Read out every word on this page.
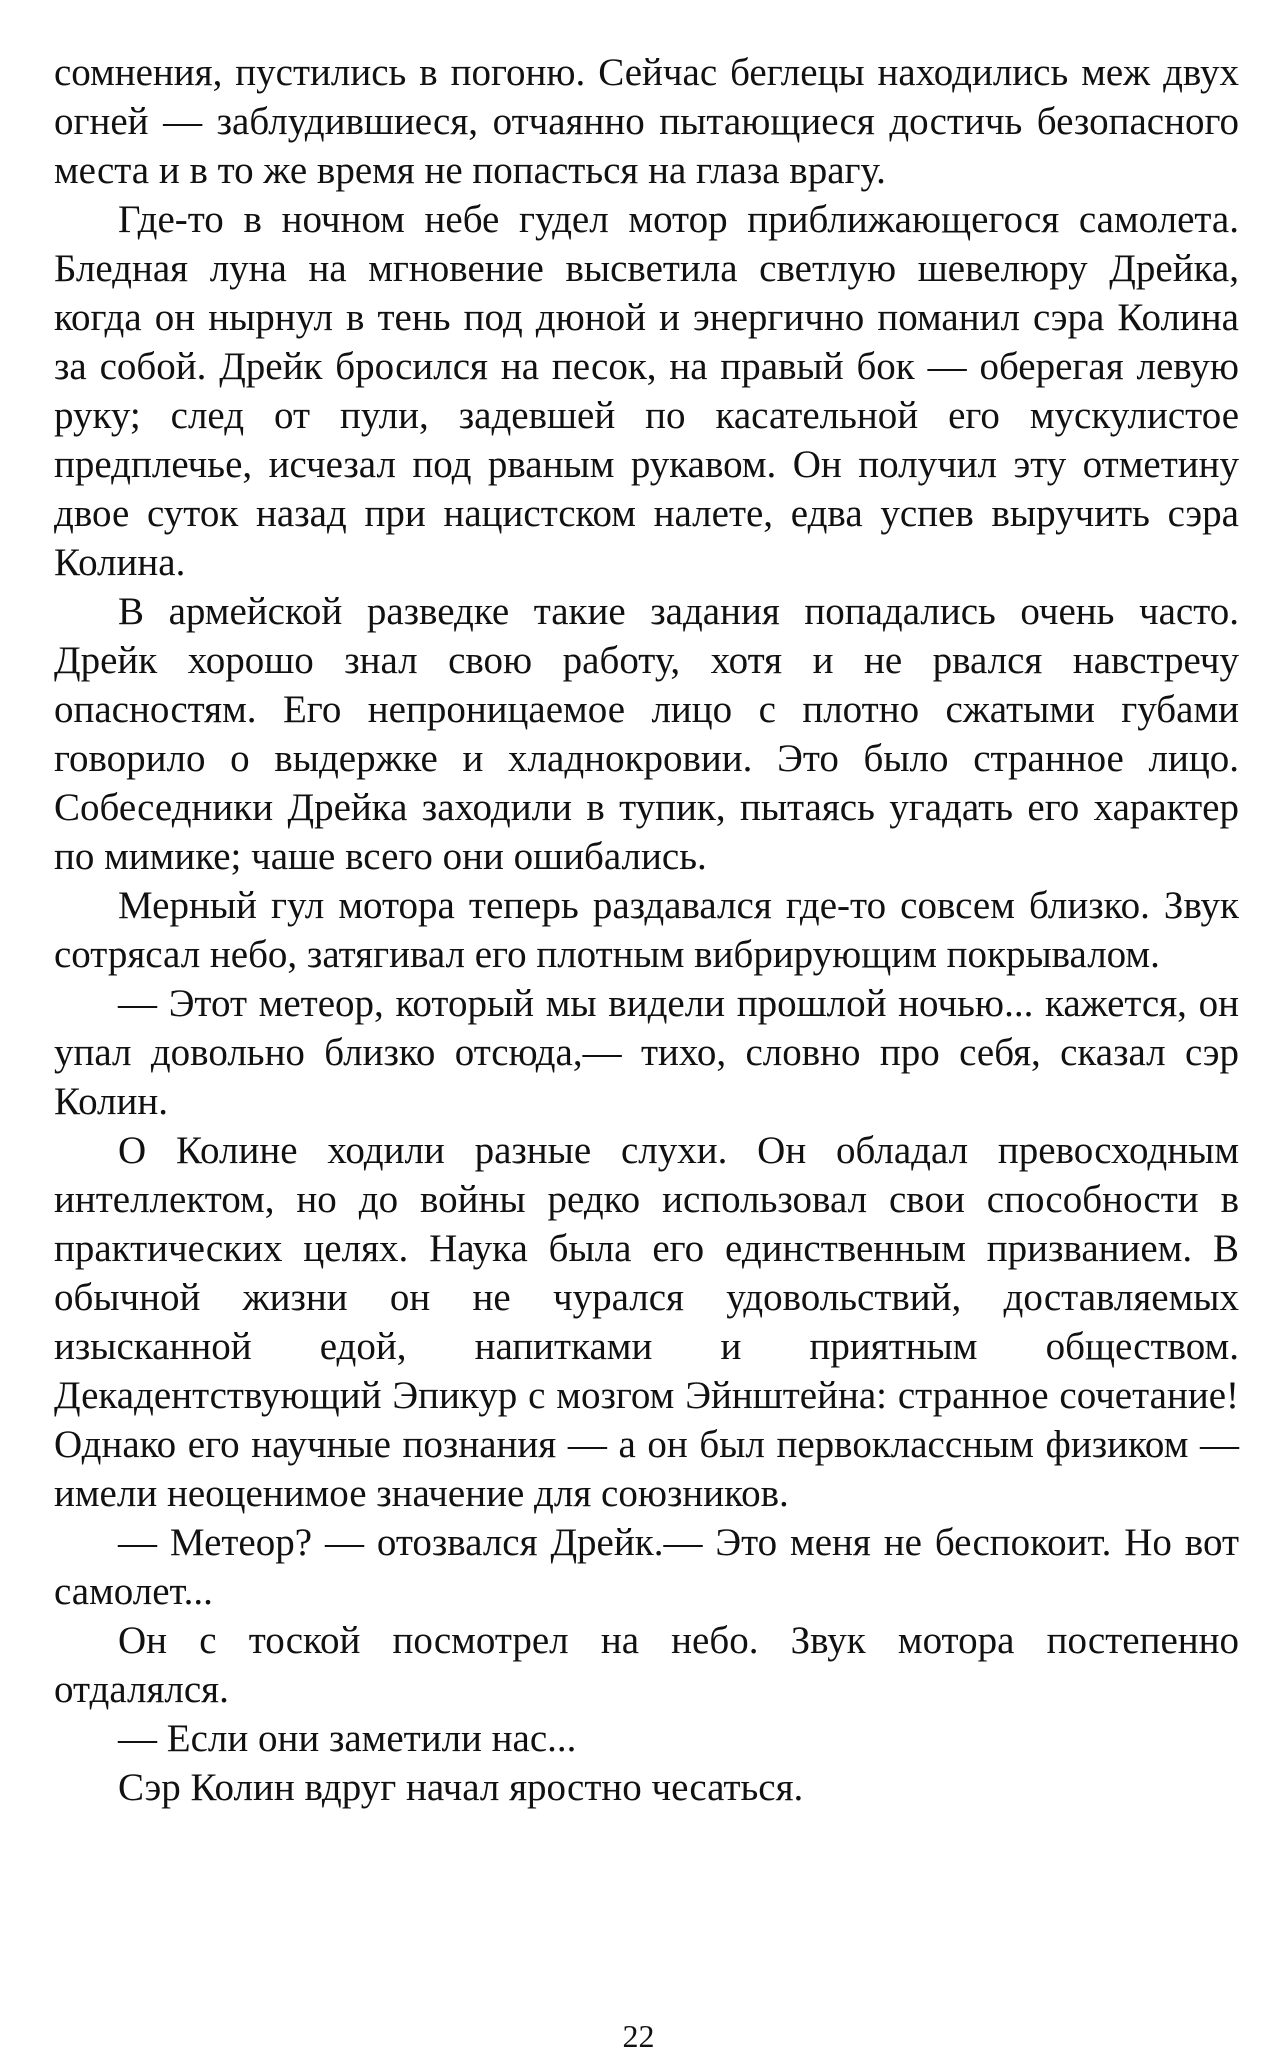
сомнения, пустились в погоню. Сейчас беглецы находились меж двух огней — заблудившиеся, отчаянно пытающиеся достичь безопасного места и в то же время не попасться на глаза врагу.

Где-то в ночном небе гудел мотор приближающегося самолета. Бледная луна на мгновение высветила светлую шевелюру Дрейка, когда он нырнул в тень под дюной и энергично поманил сэра Колина за собой. Дрейк бросился на песок, на правый бок — оберегая левую руку; след от пули, задевшей по касательной его мускулистое предплечье, исчезал под рваным рукавом. Он получил эту отметину двое суток назад при нацистском налете, едва успев выручить сэра Колина.

В армейской разведке такие задания попадались очень часто. Дрейк хорошо знал свою работу, хотя и не рвался навстречу опасностям. Его непроницаемое лицо с плотно сжатыми губами говорило о выдержке и хладнокровии. Это было странное лицо. Собеседники Дрейка заходили в тупик, пытаясь угадать его характер по мимике; чаше всего они ошибались.

Мерный гул мотора теперь раздавался где-то совсем близко. Звук сотрясал небо, затягивал его плотным вибрирующим покрывалом.

— Этот метеор, который мы видели прошлой ночью... кажется, он упал довольно близко отсюда,— тихо, словно про себя, сказал сэр Колин.

О Колине ходили разные слухи. Он обладал превосходным интеллектом, но до войны редко использовал свои способности в практических целях. Наука была его единственным призванием. В обычной жизни он не чурался удовольствий, доставляемых изысканной едой, напитками и приятным обществом. Декадентствующий Эпикур с мозгом Эйнштейна: странное сочетание! Однако его научные познания — а он был первоклассным физиком — имели неоценимое значение для союзников.

— Метеор? — отозвался Дрейк.— Это меня не беспокоит. Но вот самолет...

Он с тоской посмотрел на небо. Звук мотора постепенно отдалялся.

— Если они заметили нас...

Сэр Колин вдруг начал яростно чесаться.

22
